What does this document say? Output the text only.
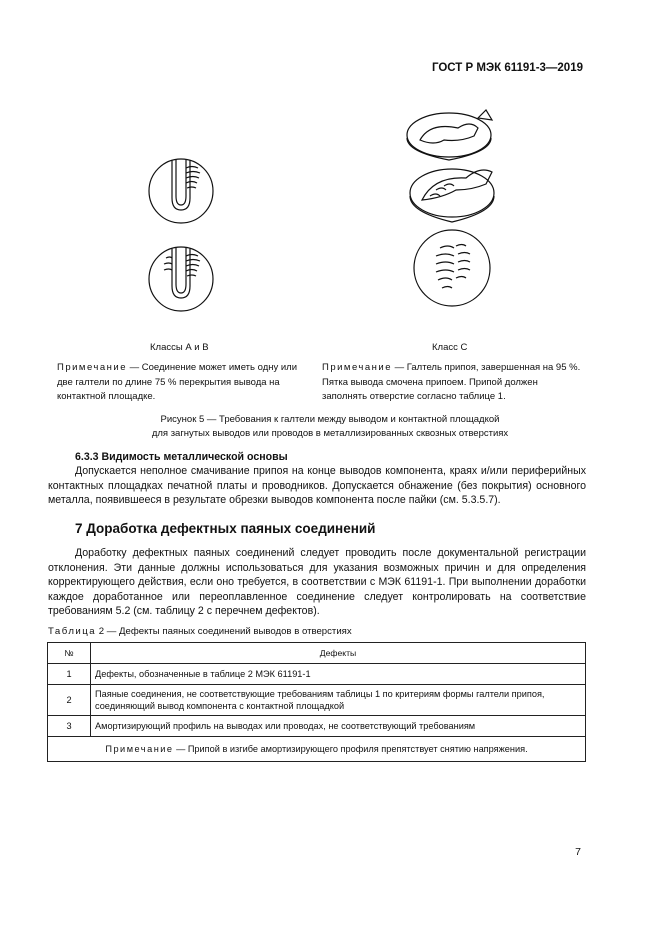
ГОСТ Р МЭК 61191-3—2019
Классы А и В	Класс С
Примечание — Соединение может иметь одну или две галтели по длине 75 % перекрытия вывода на контактной площадке.
Примечание — Галтель припоя, завершенная на 95 %. Пятка вывода смочена припоем. Припой должен заполнять отверстие согласно таблице 1.
Рисунок 5 — Требования к галтели между выводом и контактной площадкой
для загнутых выводов или проводов в металлизированных сквозных отверстиях
6.3.3 Видимость металлической основы
Допускается неполное смачивание припоя на конце выводов компонента, краях и/или периферийных контактных площадках печатной платы и проводников. Допускается обнажение (без покрытия) основного металла, появившееся в результате обрезки выводов компонента после пайки (см. 5.3.5.7).
7 Доработка дефектных паяных соединений
Доработку дефектных паяных соединений следует проводить после документальной регистрации отклонения. Эти данные должны использоваться для указания возможных причин и для определения корректирующего действия, если оно требуется, в соответствии с МЭК 61191-1. При выполнении доработки каждое доработанное или переоплавленное соединение следует контролировать на соответствие требованиям 5.2 (см. таблицу 2 с перечнем дефектов).
Таблица 2 — Дефекты паяных соединений выводов в отверстиях
№	Дефекты
1	Дефекты, обозначенные в таблице 2 МЭК 61191-1
2	Паяные соединения, не соответствующие требованиям таблицы 1 по критериям формы галтели припоя, соединяющий вывод компонента с контактной площадкой
3	Амортизирующий профиль на выводах или проводах, не соответствующий требованиям
Примечание — Припой в изгибе амортизирующего профиля препятствует снятию напряжения.	
7
